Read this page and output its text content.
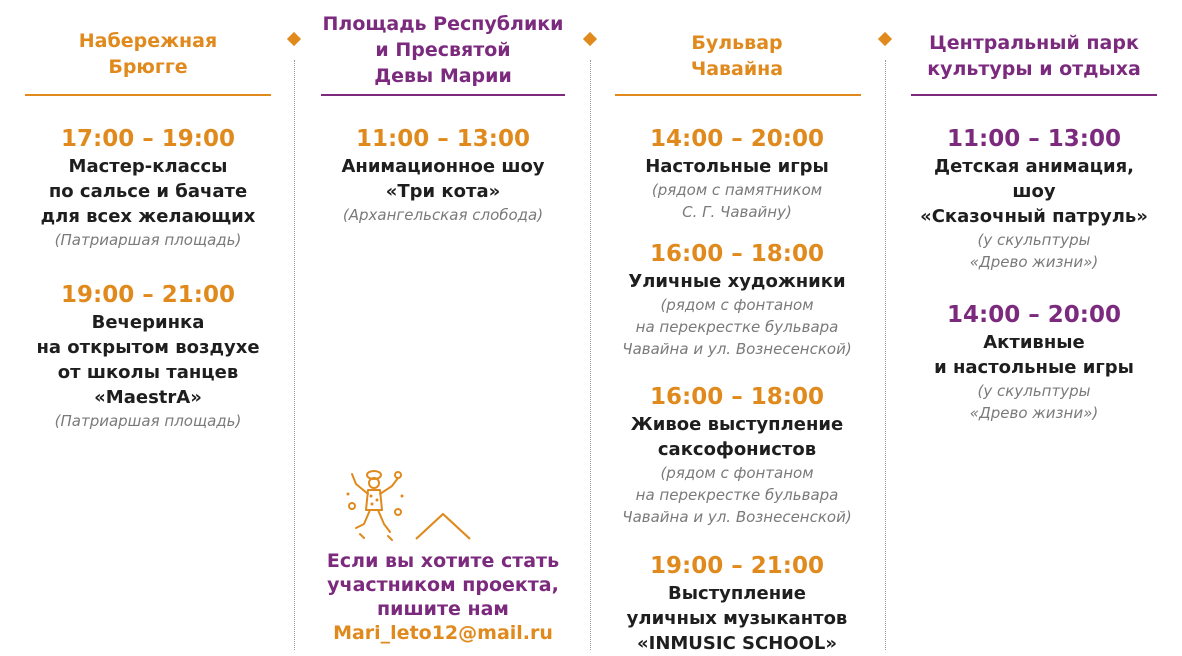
Набережная
Брюгге
17:00 – 19:00
Мастер-классы
по сальсе и бачате
для всех желающих
(Патриаршая площадь)
19:00 – 21:00
Вечеринка
на открытом воздухе
от школы танцев
«MaestrA»
(Патриаршая площадь)
Площадь Республики
и Пресвятой
Девы Марии
11:00 – 13:00
Анимационное шоу
«Три кота»
(Архангельская слобода)
Бульвар
Чавайна
14:00 – 20:00
Настольные игры
(рядом с памятником
С. Г. Чавайну)
16:00 – 18:00
Уличные художники
(рядом с фонтаном
на перекрестке бульвара
Чавайна и ул. Вознесенской)
16:00 – 18:00
Живое выступление
саксофонистов
(рядом с фонтаном
на перекрестке бульвара
Чавайна и ул. Вознесенской)
19:00 – 21:00
Выступление
уличных музыкантов
«INMUSIC SCHOOL»
Центральный парк
культуры и отдыха
11:00 – 13:00
Детская анимация,
шоу
«Сказочный патруль»
(у скульптуры
«Древо жизни»)
14:00 – 20:00
Активные
и настольные игры
(у скульптуры
«Древо жизни»)
Если вы хотите стать
участником проекта,
пишите нам
Mari_leto12@mail.ru
